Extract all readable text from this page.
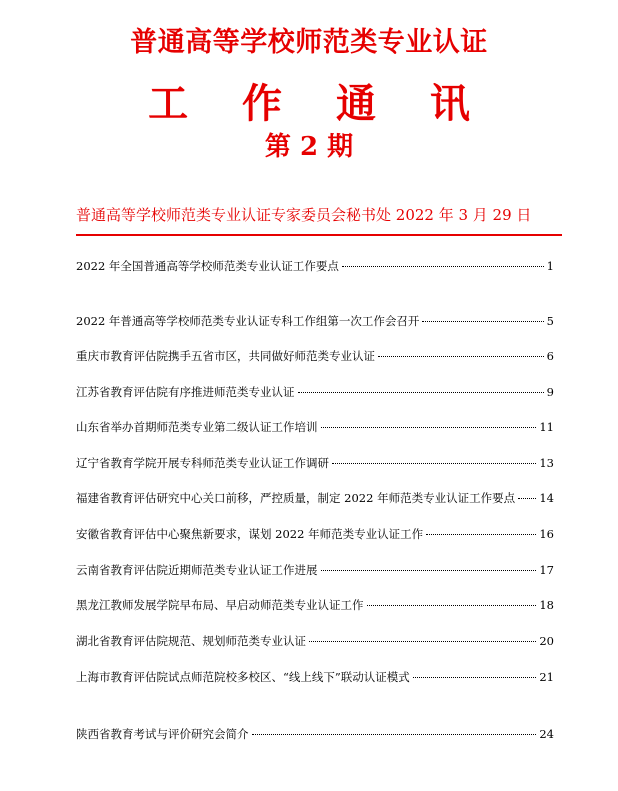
普通高等学校师范类专业认证
工 作 通 讯
第 2 期
普通高等学校师范类专业认证专家委员会秘书处 2022 年 3 月 29 日
2022 年全国普通高等学校师范类专业认证工作要点	1
2022 年普通高等学校师范类专业认证专科工作组第一次工作会召开	5
重庆市教育评估院携手五省市区，共同做好师范类专业认证	6
江苏省教育评估院有序推进师范类专业认证	9
山东省举办首期师范类专业第二级认证工作培训	11
辽宁省教育学院开展专科师范类专业认证工作调研	13
福建省教育评估研究中心关口前移，严控质量，制定 2022 年师范类专业认证工作要点 14
安徽省教育评估中心聚焦新要求，谋划 2022 年师范类专业认证工作	16
云南省教育评估院近期师范类专业认证工作进展	17
黑龙江教师发展学院早布局、早启动师范类专业认证工作	18
湖北省教育评估院规范、规划师范类专业认证	20
上海市教育评估院试点师范院校多校区、“线上线下”联动认证模式	21
陕西省教育考试与评价研究会简介	24
